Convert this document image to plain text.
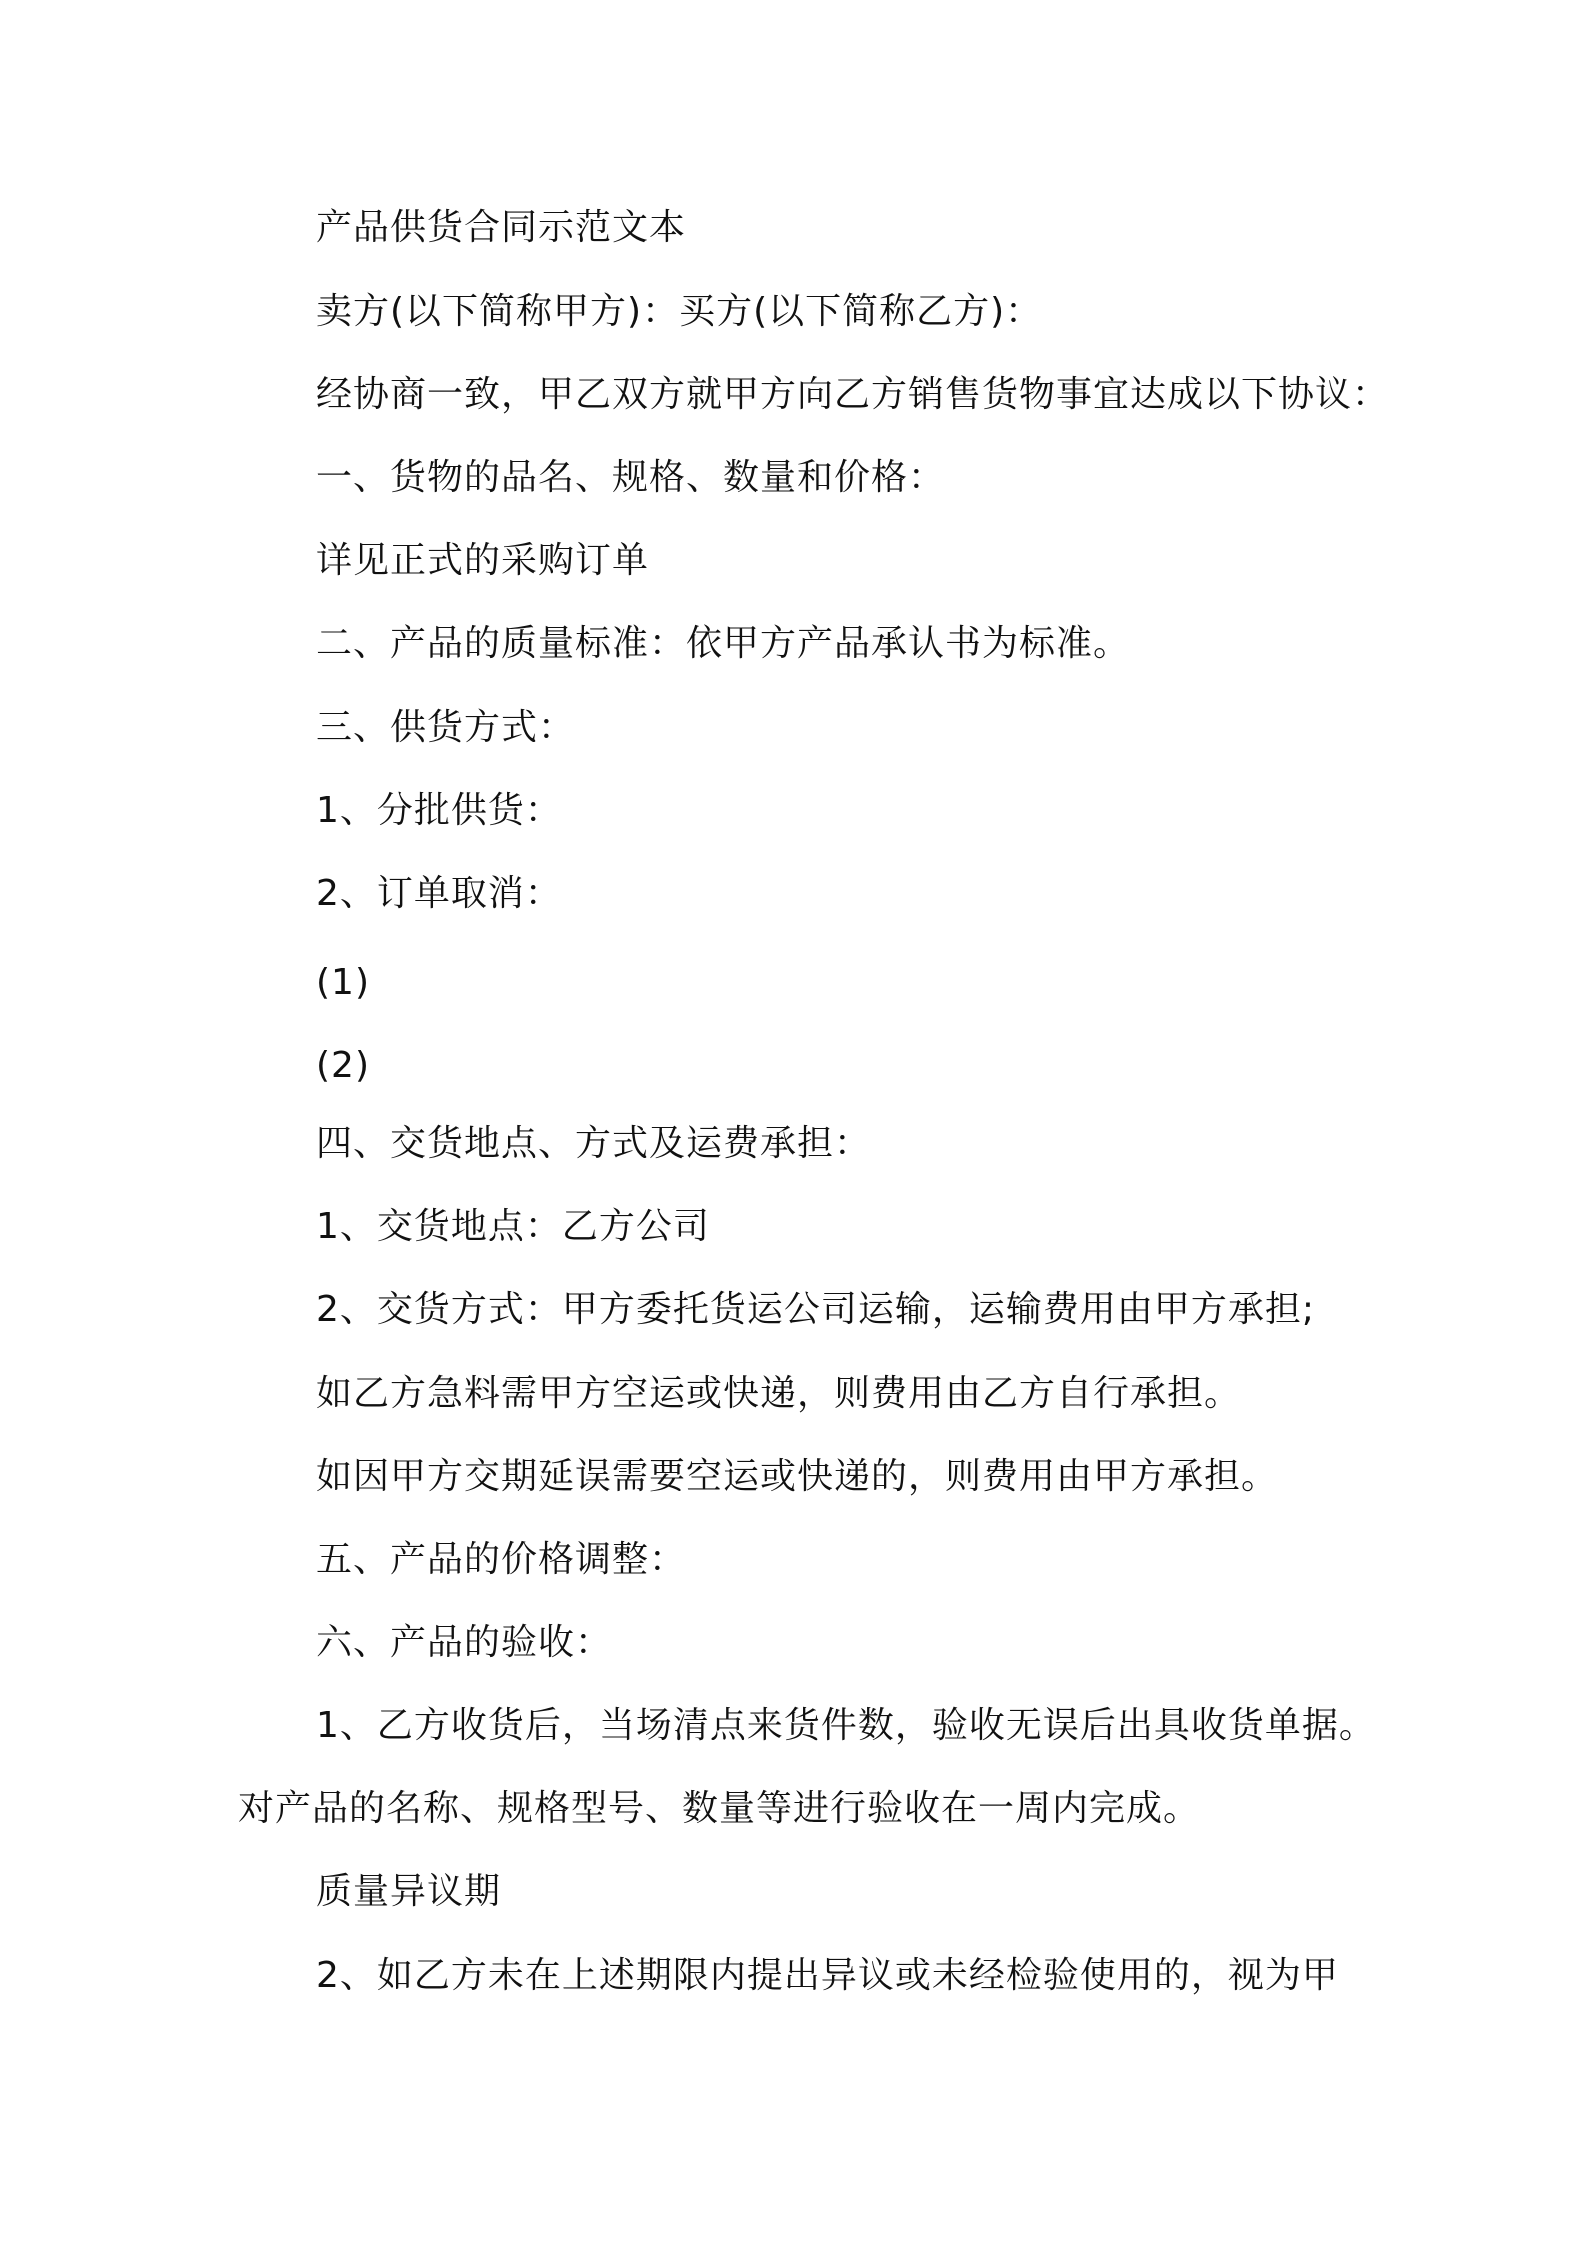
产品供货合同示范文本
卖方(以下简称甲方)：买方(以下简称乙方)：
经协商一致，甲乙双方就甲方向乙方销售货物事宜达成以下协议：
一、货物的品名、规格、数量和价格：
详见正式的采购订单
二、产品的质量标准：依甲方产品承认书为标准。
三、供货方式：
1、分批供货：
2、订单取消：
(1)
(2)
四、交货地点、方式及运费承担：
1、交货地点：乙方公司
2、交货方式：甲方委托货运公司运输，运输费用由甲方承担;
如乙方急料需甲方空运或快递，则费用由乙方自行承担。
如因甲方交期延误需要空运或快递的，则费用由甲方承担。
五、产品的价格调整：
六、产品的验收：
1、乙方收货后，当场清点来货件数，验收无误后出具收货单据。
对产品的名称、规格型号、数量等进行验收在一周内完成。
质量异议期
2、如乙方未在上述期限内提出异议或未经检验使用的，视为甲
